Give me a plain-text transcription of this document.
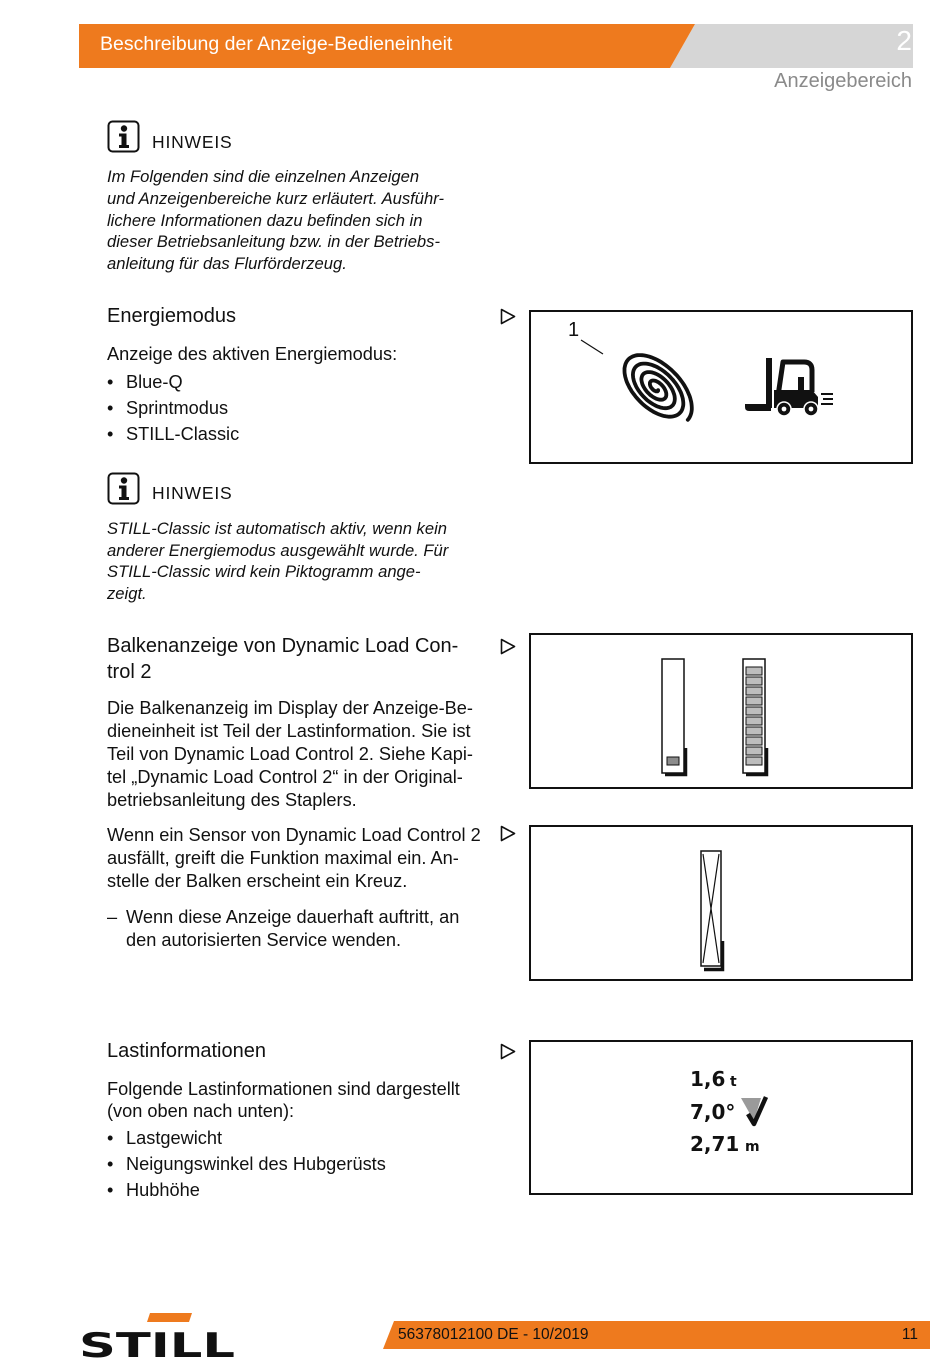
Beschreibung der Anzeige-Bedieneinheit	2
Anzeigebereich
HINWEIS
Im Folgenden sind die einzelnen Anzeigen
und Anzeigenbereiche kurz erläutert. Ausführ-
lichere Informationen dazu befinden sich in
dieser Betriebsanleitung bzw. in der Betriebs-
anleitung für das Flurförderzeug.
Energiemodus
Anzeige des aktiven Energiemodus:
• Blue-Q
• Sprintmodus
• STILL-Classic
1
HINWEIS
STILL-Classic ist automatisch aktiv, wenn kein
anderer Energiemodus ausgewählt wurde. Für
STILL-Classic wird kein Piktogramm ange-
zeigt.
Balkenanzeige von Dynamic Load Con-
trol 2
Die Balkenanzeig im Display der Anzeige-Be-
dieneinheit ist Teil der Lastinformation. Sie ist
Teil von Dynamic Load Control 2. Siehe Kapi-
tel „Dynamic Load Control 2“ in der Original-
betriebsanleitung des Staplers.
Wenn ein Sensor von Dynamic Load Control 2
ausfällt, greift die Funktion maximal ein. An-
stelle der Balken erscheint ein Kreuz.
– Wenn diese Anzeige dauerhaft auftritt, an
den autorisierten Service wenden.
Lastinformationen
Folgende Lastinformationen sind dargestellt
(von oben nach unten):
• Lastgewicht
• Neigungswinkel des Hubgerüsts
• Hubhöhe
1,6 t
7,0°
2,71 m
STILL	56378012100 DE - 10/2019	11
